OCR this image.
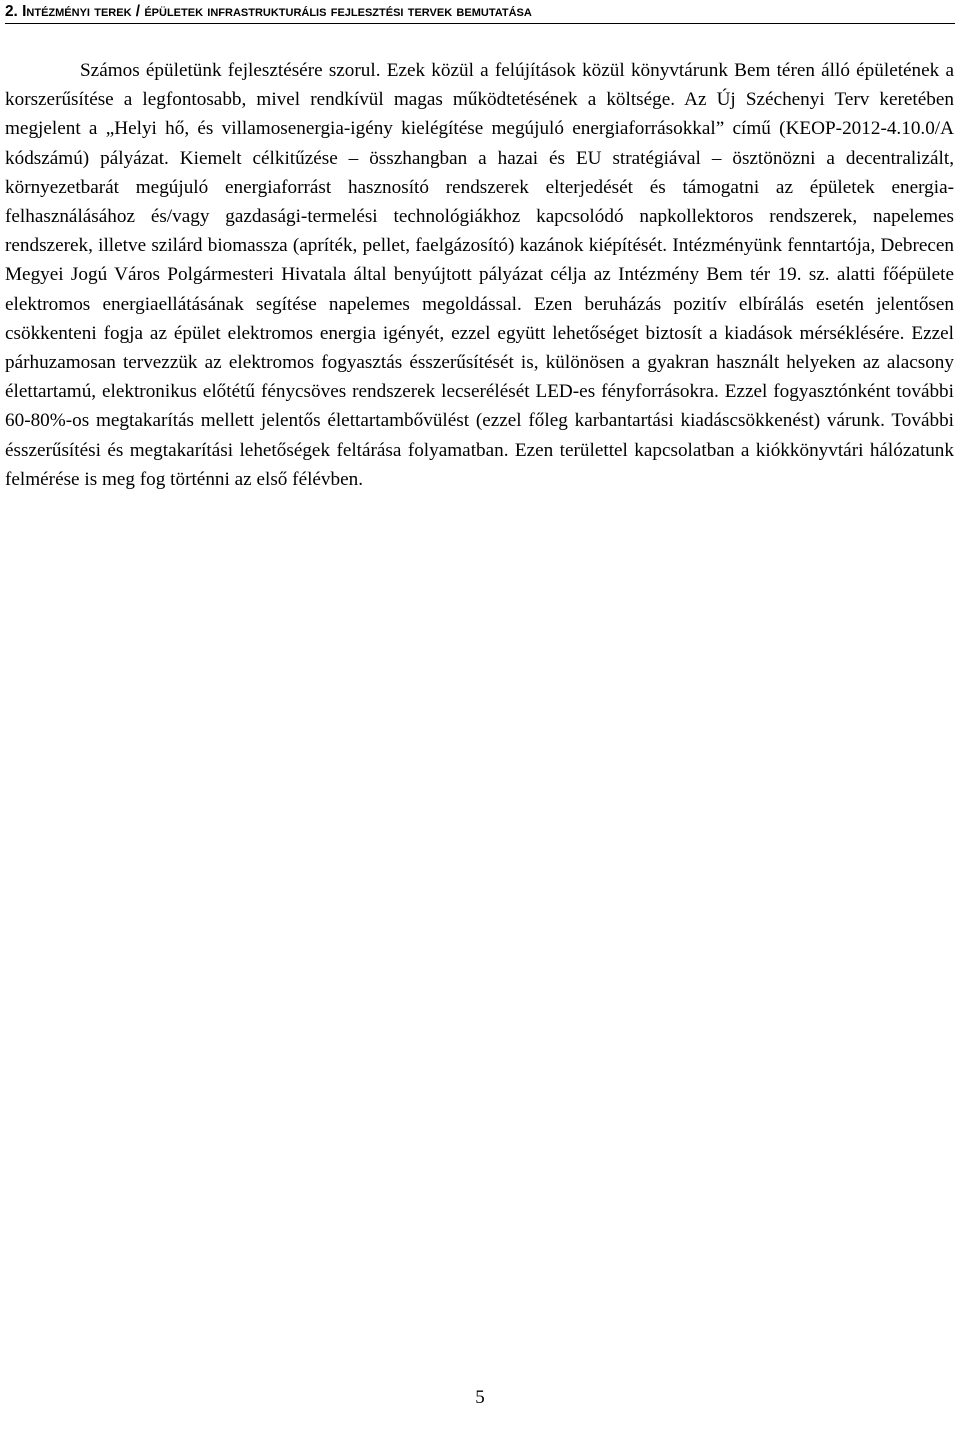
2. Intézményi terek / épületek infrastrukturális fejlesztési tervek bemutatása

Számos épületünk fejlesztésére szorul. Ezek közül a felújítások közül könyvtárunk Bem téren álló épületének a korszerűsítése a legfontosabb, mivel rendkívül magas működtetésének a költsége. Az Új Széchenyi Terv keretében megjelent a „Helyi hő, és villamosenergia-igény kielégítése megújuló energiaforrásokkal” című (KEOP-2012-4.10.0/A kódszámú) pályázat. Kiemelt célkitűzése – összhangban a hazai és EU stratégiával – ösztönözni a decentralizált, környezetbarát megújuló energiaforrást hasznosító rendszerek elterjedését és támogatni az épületek energia-felhasználásához és/vagy gazdasági-termelési technológiákhoz kapcsolódó napkollektoros rendszerek, napelemes rendszerek, illetve szilárd biomassza (apríték, pellet, faelgázosító) kazánok kiépítését. Intézményünk fenntartója, Debrecen Megyei Jogú Város Polgármesteri Hivatala által benyújtott pályázat célja az Intézmény Bem tér 19. sz. alatti főépülete elektromos energiaellátásának segítése napelemes megoldással. Ezen beruházás pozitív elbírálás esetén jelentősen csökkenteni fogja az épület elektromos energia igényét, ezzel együtt lehetőséget biztosít a kiadások mérséklésére. Ezzel párhuzamosan tervezzük az elektromos fogyasztás ésszerűsítését is, különösen a gyakran használt helyeken az alacsony élettartamú, elektronikus előtétű fénycsöves rendszerek lecserélését LED-es fényforrásokra. Ezzel fogyasztónként további 60-80%-os megtakarítás mellett jelentős élettartambővülést (ezzel főleg karbantartási kiadáscsökkenést) várunk. További ésszerűsítési és megtakarítási lehetőségek feltárása folyamatban. Ezen területtel kapcsolatban a kiókkönyvtári hálózatunk felmérése is meg fog történni az első félévben.

5
